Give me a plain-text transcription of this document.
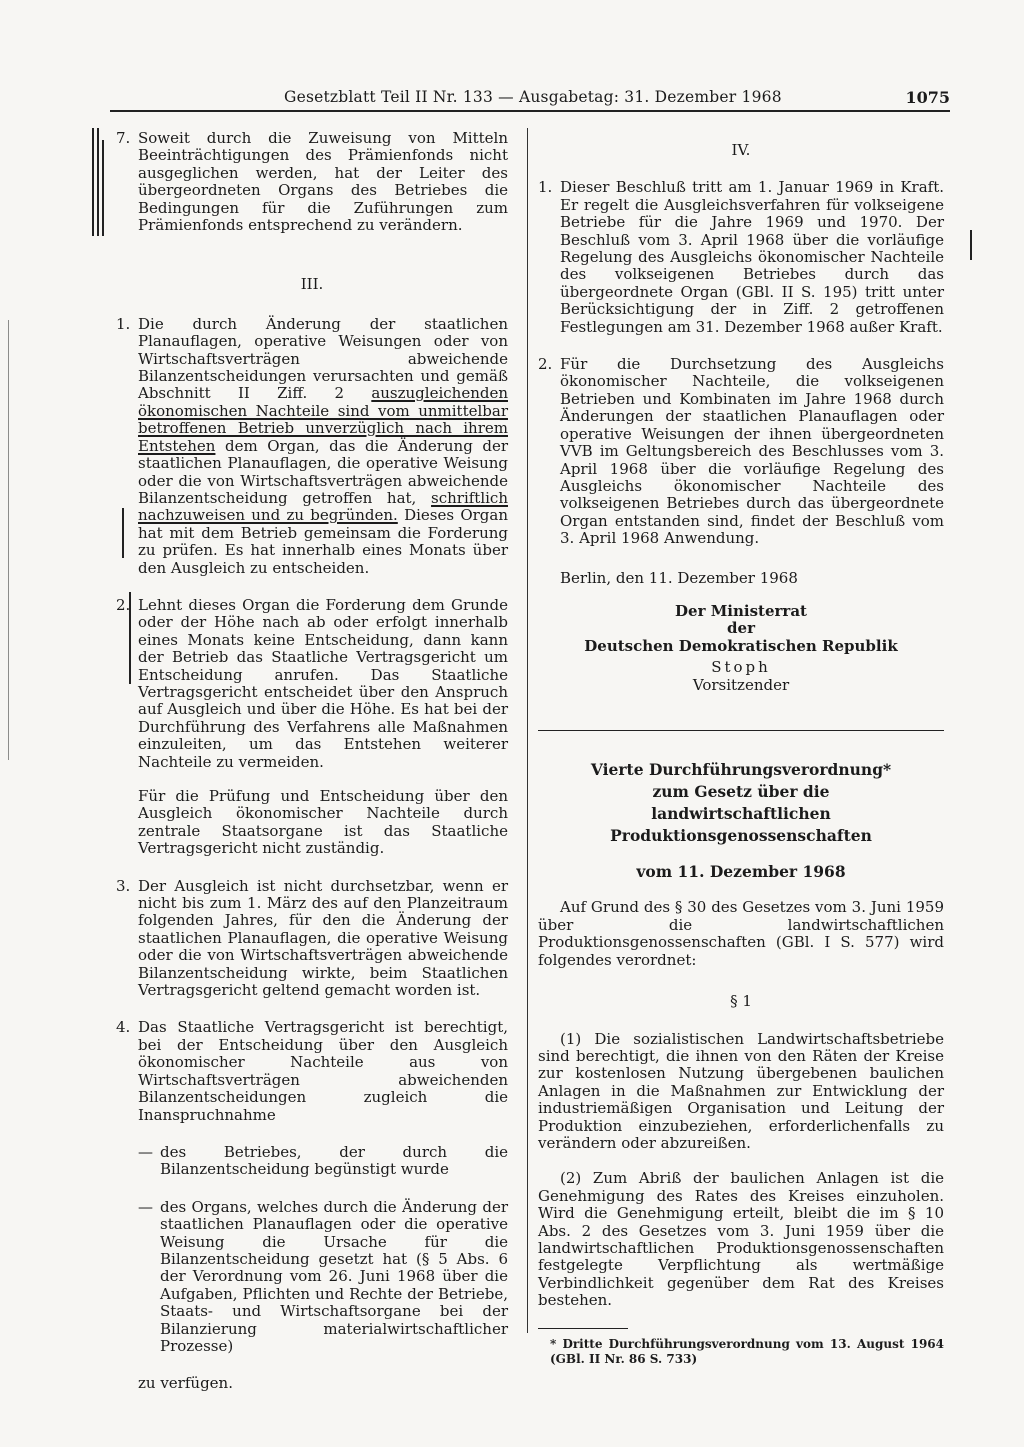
Gesetzblatt Teil II Nr. 133 — Ausgabetag: 31. Dezember 1968	1075
7. Soweit durch die Zuweisung von Mitteln Beeinträchtigungen des Prämienfonds nicht ausgeglichen werden, hat der Leiter des übergeordneten Organs des Betriebes die Bedingungen für die Zuführungen zum Prämienfonds entsprechend zu verändern.

III.

1. Die durch Änderung der staatlichen Planauflagen, operative Weisungen oder von Wirtschaftsverträgen abweichende Bilanzentscheidungen verursachten und gemäß Abschnitt II Ziff. 2 auszugleichenden ökonomischen Nachteile sind vom unmittelbar betroffenen Betrieb unverzüglich nach ihrem Entstehen dem Organ, das die Änderung der staatlichen Planauflagen, die operative Weisung oder die von Wirtschaftsverträgen abweichende Bilanzentscheidung getroffen hat, schriftlich nachzuweisen und zu begründen. Dieses Organ hat mit dem Betrieb gemeinsam die Forderung zu prüfen. Es hat innerhalb eines Monats über den Ausgleich zu entscheiden.

2. Lehnt dieses Organ die Forderung dem Grunde oder der Höhe nach ab oder erfolgt innerhalb eines Monats keine Entscheidung, dann kann der Betrieb das Staatliche Vertragsgericht um Entscheidung anrufen. Das Staatliche Vertragsgericht entscheidet über den Anspruch auf Ausgleich und über die Höhe. Es hat bei der Durchführung des Verfahrens alle Maßnahmen einzuleiten, um das Entstehen weiterer Nachteile zu vermeiden.

Für die Prüfung und Entscheidung über den Ausgleich ökonomischer Nachteile durch zentrale Staatsorgane ist das Staatliche Vertragsgericht nicht zuständig.

3. Der Ausgleich ist nicht durchsetzbar, wenn er nicht bis zum 1. März des auf den Planzeitraum folgenden Jahres, für den die Änderung der staatlichen Planauflagen, die operative Weisung oder die von Wirtschaftsverträgen abweichende Bilanzentscheidung wirkte, beim Staatlichen Vertragsgericht geltend gemacht worden ist.

4. Das Staatliche Vertragsgericht ist berechtigt, bei der Entscheidung über den Ausgleich ökonomischer Nachteile aus von Wirtschaftsverträgen abweichenden Bilanzentscheidungen zugleich die Inanspruchnahme

— des Betriebes, der durch die Bilanzentscheidung begünstigt wurde

— des Organs, welches durch die Änderung der staatlichen Planauflagen oder die operative Weisung die Ursache für die Bilanzentscheidung gesetzt hat (§ 5 Abs. 6 der Verordnung vom 26. Juni 1968 über die Aufgaben, Pflichten und Rechte der Betriebe, Staats- und Wirtschaftsorgane bei der Bilanzierung materialwirtschaftlicher Prozesse)

zu verfügen.

IV.

1. Dieser Beschluß tritt am 1. Januar 1969 in Kraft. Er regelt die Ausgleichsverfahren für volkseigene Betriebe für die Jahre 1969 und 1970. Der Beschluß vom 3. April 1968 über die vorläufige Regelung des Ausgleichs ökonomischer Nachteile des volkseigenen Betriebes durch das übergeordnete Organ (GBl. II S. 195) tritt unter Berücksichtigung der in Ziff. 2 getroffenen Festlegungen am 31. Dezember 1968 außer Kraft.

2. Für die Durchsetzung des Ausgleichs ökonomischer Nachteile, die volkseigenen Betrieben und Kombinaten im Jahre 1968 durch Änderungen der staatlichen Planauflagen oder operative Weisungen der ihnen übergeordneten VVB im Geltungsbereich des Beschlusses vom 3. April 1968 über die vorläufige Regelung des Ausgleichs ökonomischer Nachteile des volkseigenen Betriebes durch das übergeordnete Organ entstanden sind, findet der Beschluß vom 3. April 1968 Anwendung.

Berlin, den 11. Dezember 1968

Der Ministerrat

der

Deutschen Demokratischen Republik

Stoph

Vorsitzender

Vierte Durchführungsverordnung*

zum Gesetz über die

landwirtschaftlichen Produktionsgenossenschaften

vom 11. Dezember 1968

Auf Grund des § 30 des Gesetzes vom 3. Juni 1959 über die landwirtschaftlichen Produktionsgenossenschaften (GBl. I S. 577) wird folgendes verordnet:

§ 1

(1) Die sozialistischen Landwirtschaftsbetriebe sind berechtigt, die ihnen von den Räten der Kreise zur kostenlosen Nutzung übergebenen baulichen Anlagen in die Maßnahmen zur Entwicklung der industriemäßigen Organisation und Leitung der Produktion einzubeziehen, erforderlichenfalls zu verändern oder abzureißen.

(2) Zum Abriß der baulichen Anlagen ist die Genehmigung des Rates des Kreises einzuholen. Wird die Genehmigung erteilt, bleibt die im § 10 Abs. 2 des Gesetzes vom 3. Juni 1959 über die landwirtschaftlichen Produktionsgenossenschaften festgelegte Verpflichtung als wertmäßige Verbindlichkeit gegenüber dem Rat des Kreises bestehen.

* Dritte Durchführungsverordnung vom 13. August 1964 (GBl. II Nr. 86 S. 733)
